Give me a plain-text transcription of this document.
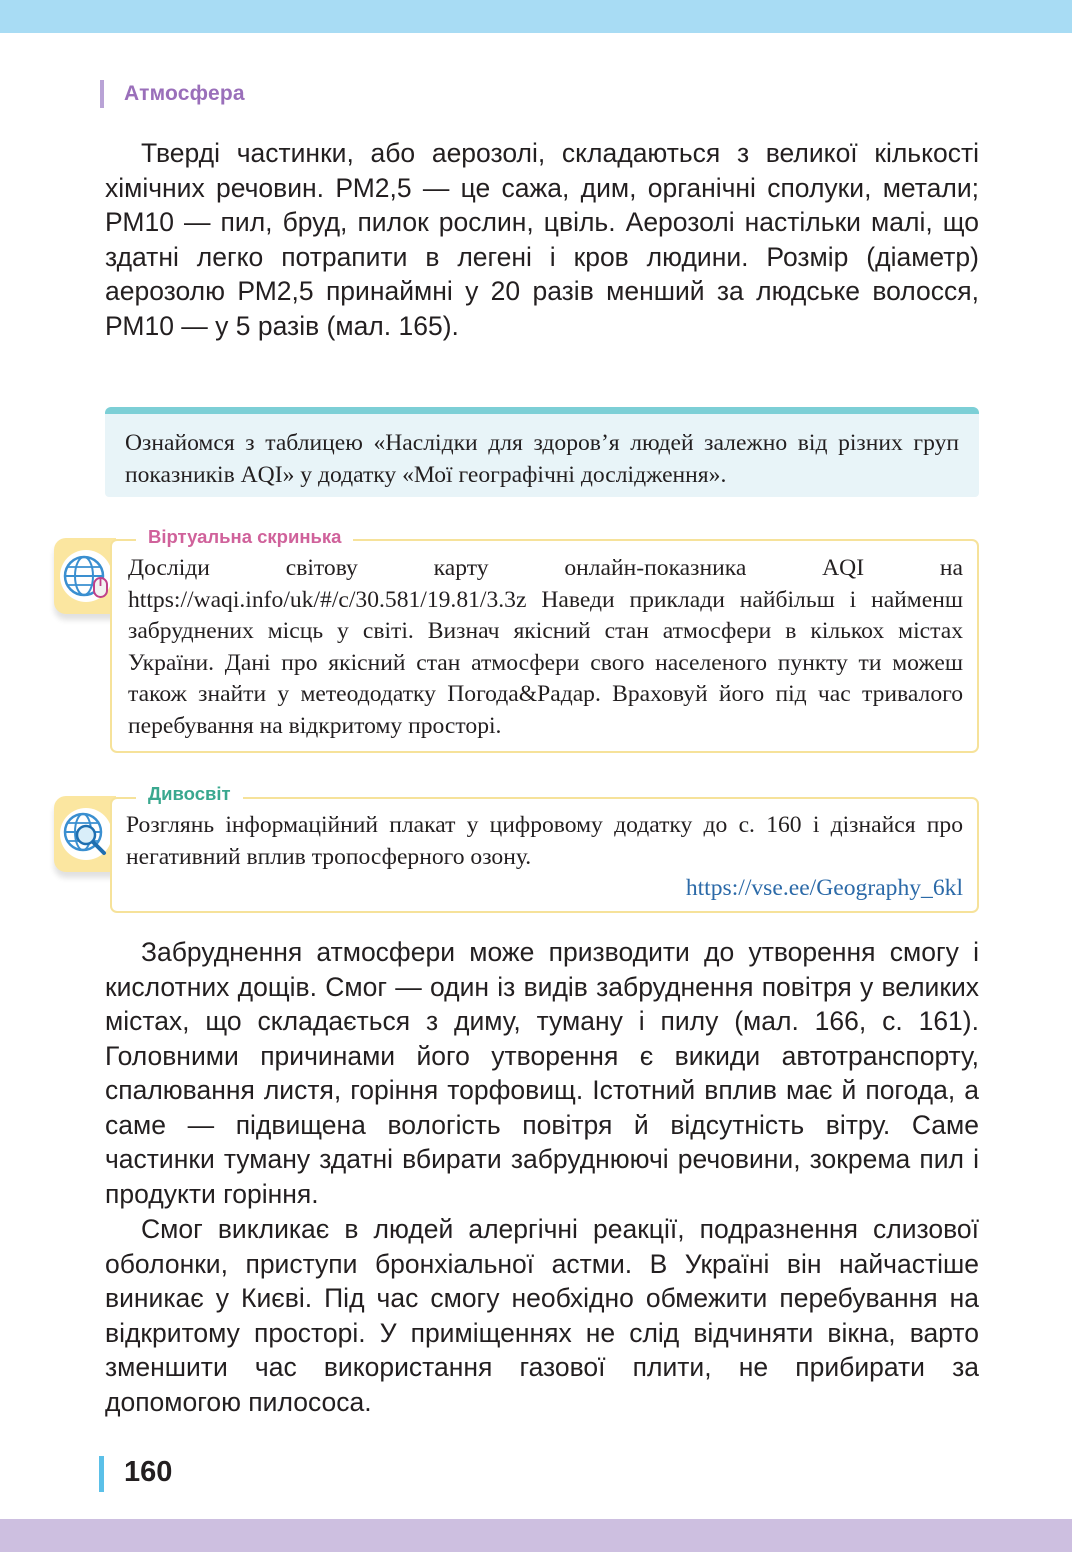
Атмосфера

Тверді частинки, або аерозолі, складаються з великої кількості хімічних речовин. РМ2,5 — це сажа, дим, органічні сполуки, метали; РМ10 — пил, бруд, пилок рослин, цвіль. Аерозолі настільки малі, що здатні легко потрапити в легені і кров людини. Розмір (діаметр) аерозолю РМ2,5 принаймні у 20 разів менший за людське волосся, РМ10 — у 5 разів (мал. 165).

Ознайомся з таблицею «Наслідки для здоров’я людей залежно від різних груп показників AQI» у додатку «Мої географічні дослідження».

Досліди світову карту онлайн-показника AQI на https://waqi.info/uk/#/c/30.581/19.81/3.3z Наведи приклади найбільш і найменш забруднених місць у світі. Визнач якісний стан атмосфери в кількох містах України. Дані про якісний стан атмосфери свого населеного пункту ти можеш також знайти у метеододатку Погода&Радар. Враховуй його під час тривалого перебування на відкритому просторі.

Віртуальна скринька

Розглянь інформаційний плакат у цифровому додатку до с. 160 і дізнайся про негативний вплив тропосферного озону.

https://vse.ee/Geography_6kl
Дивосвіт

Забруднення атмосфери може призводити до утворення смогу і кислотних дощів. Смог — один із видів забруднення повітря у великих містах, що складається з диму, туману і пилу (мал. 166, с. 161). Головними причинами його утворення є викиди автотранспорту, спалювання листя, горіння торфовищ. Істотний вплив має й погода, а саме — підвищена вологість повітря й відсутність вітру. Саме частинки туману здатні вбирати забруднюючі речовини, зокрема пил і продукти горіння.

Смог викликає в людей алергічні реакції, подразнення слизової оболонки, приступи бронхіальної астми. В Україні він найчастіше виникає у Києві. Під час смогу необхідно обмежити перебування на відкритому просторі. У приміщеннях не слід відчиняти вікна, варто зменшити час використання газової плити, не прибирати за допомогою пилососа.

160
